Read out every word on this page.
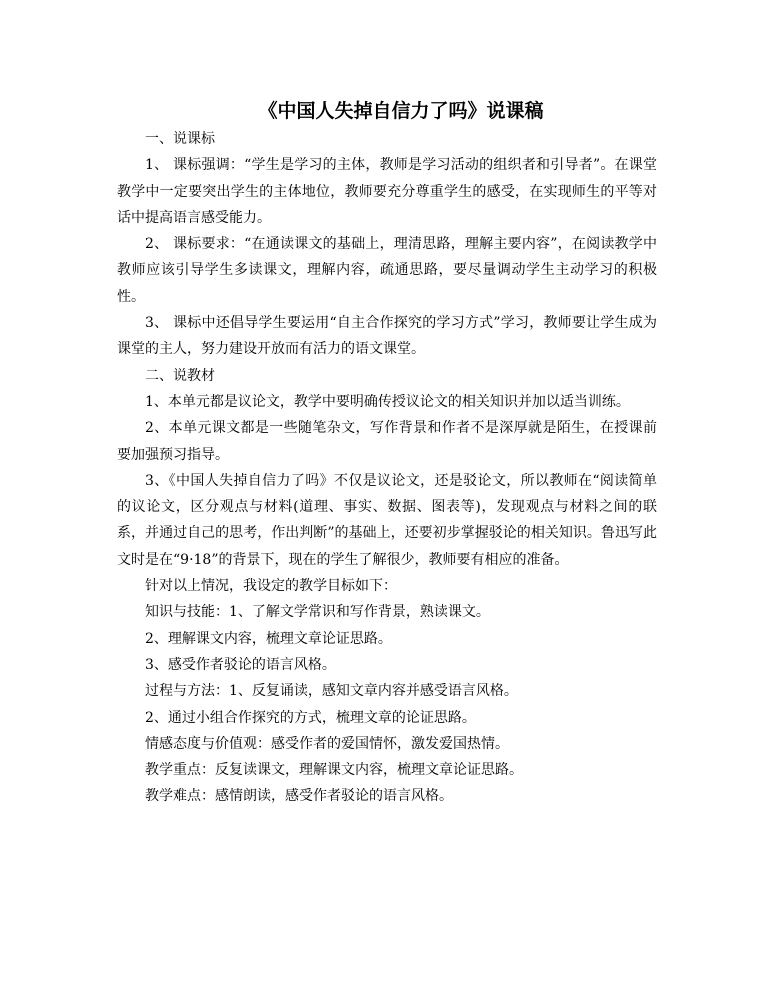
《中国人失掉自信力了吗》说课稿

一、说课标

1、 课标强调：“学生是学习的主体，教师是学习活动的组织者和引导者”。在课堂教学中一定要突出学生的主体地位，教师要充分尊重学生的感受，在实现师生的平等对话中提高语言感受能力。

2、 课标要求：“在通读课文的基础上，理清思路，理解主要内容”，在阅读教学中教师应该引导学生多读课文，理解内容，疏通思路，要尽量调动学生主动学习的积极性。

3、 课标中还倡导学生要运用“自主合作探究的学习方式”学习，教师要让学生成为课堂的主人，努力建设开放而有活力的语文课堂。

二、说教材

1、本单元都是议论文，教学中要明确传授议论文的相关知识并加以适当训练。

2、本单元课文都是一些随笔杂文，写作背景和作者不是深厚就是陌生，在授课前要加强预习指导。

3、《中国人失掉自信力了吗》不仅是议论文，还是驳论文，所以教师在“阅读简单的议论文，区分观点与材料(道理、事实、数据、图表等)，发现观点与材料之间的联系，并通过自己的思考，作出判断”的基础上，还要初步掌握驳论的相关知识。鲁迅写此文时是在“9·18”的背景下，现在的学生了解很少，教师要有相应的准备。

针对以上情况，我设定的教学目标如下：

知识与技能：1、了解文学常识和写作背景，熟读课文。

2、理解课文内容，梳理文章论证思路。

3、感受作者驳论的语言风格。

过程与方法：1、反复诵读，感知文章内容并感受语言风格。

2、通过小组合作探究的方式，梳理文章的论证思路。

情感态度与价值观：感受作者的爱国情怀，激发爱国热情。

教学重点：反复读课文，理解课文内容，梳理文章论证思路。

教学难点：感情朗读，感受作者驳论的语言风格。
